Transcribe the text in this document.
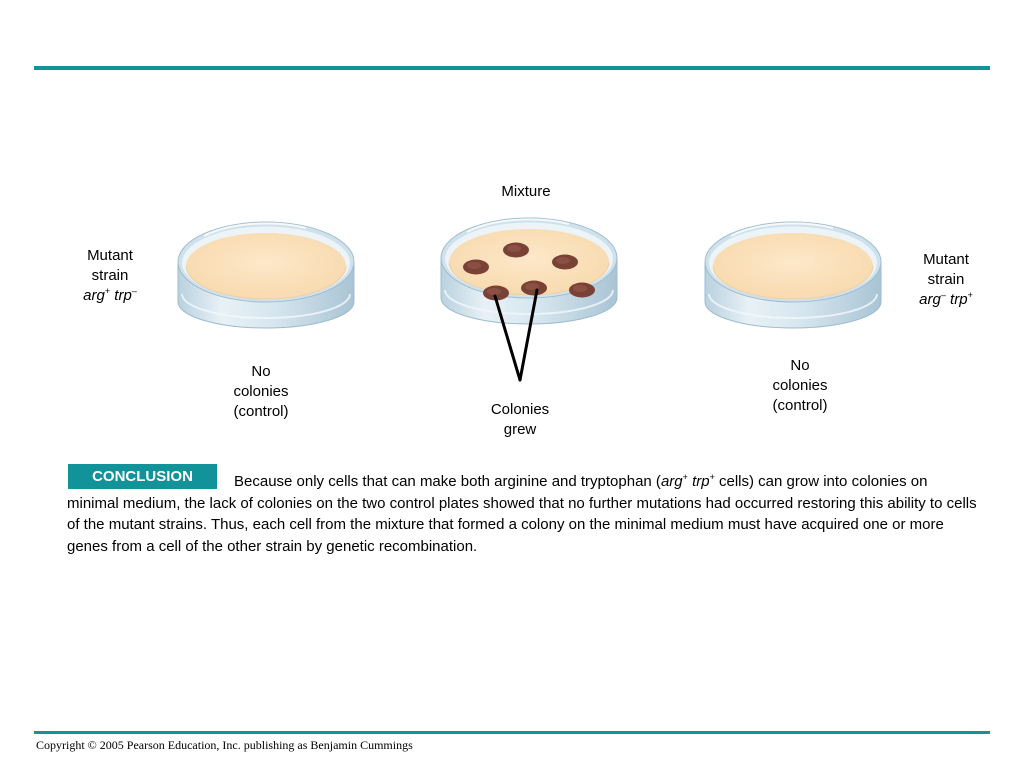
Mixture
Mutant
strain
arg+ trp–
Mutant
strain
arg– trp+
No
colonies
(control)	Colonies
grew
No
colonies
(control)
CONCLUSION	Because only cells that can make both arginine and tryptophan (arg+ trp+ cells) can grow into colonies on minimal medium, the lack of colonies on the two control plates showed that no further mutations had occurred restoring this ability to cells of the mutant strains. Thus, each cell from the mixture that formed a colony on the minimal medium must have acquired one or more genes from a cell of the other strain by genetic recombination.
Copyright © 2005 Pearson Education, Inc. publishing as Benjamin Cummings
